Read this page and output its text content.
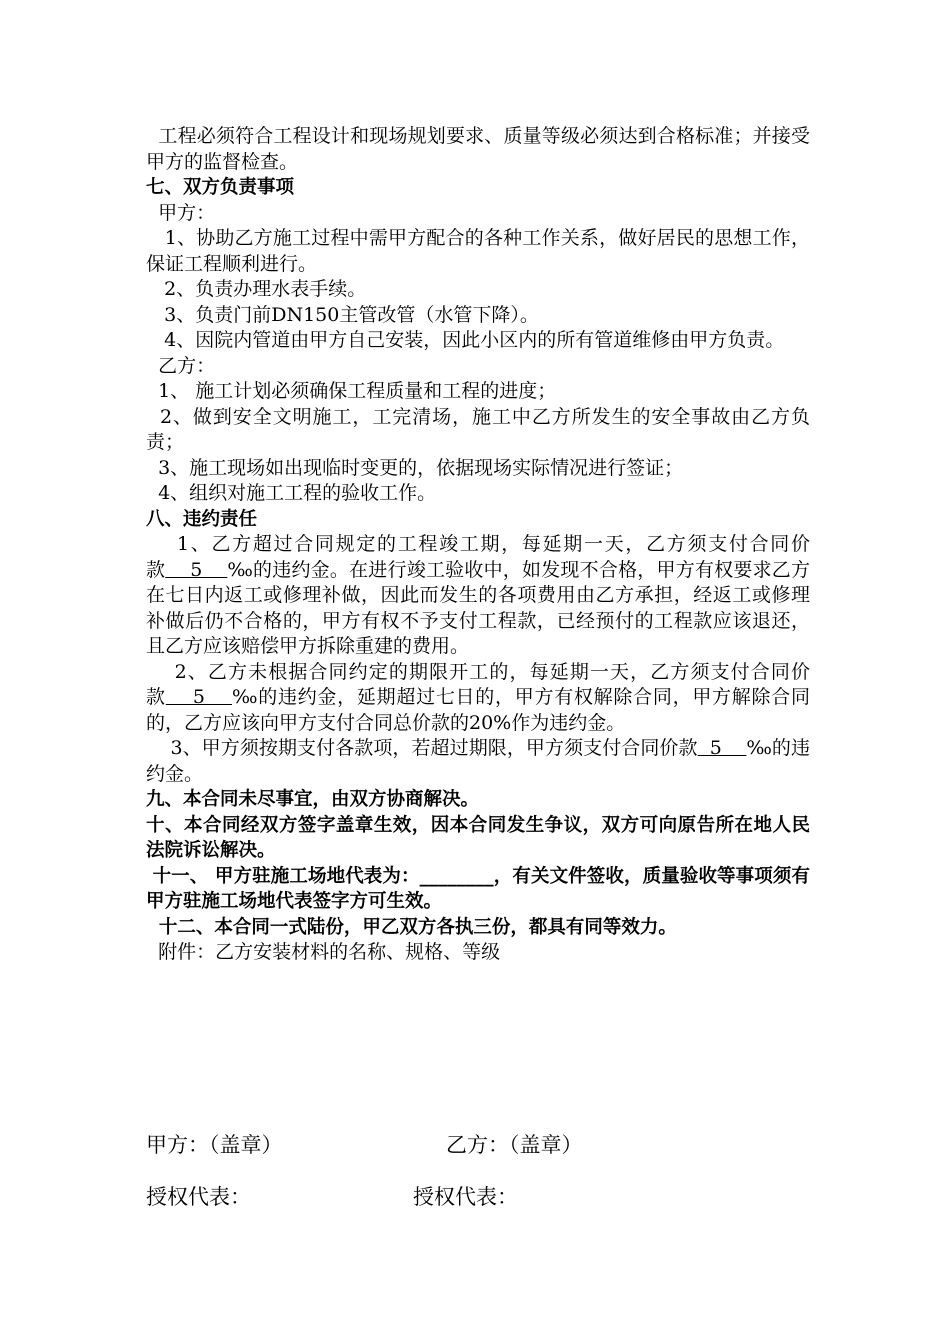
工程必须符合工程设计和现场规划要求、质量等级必须达到合格标准；并接受甲方的监督检查。

七、双方负责事项

甲方：

1、协助乙方施工过程中需甲方配合的各种工作关系，做好居民的思想工作，保证工程顺利进行。

2、负责办理水表手续。

3、负责门前DN150主管改管（水管下降）。

4、因院内管道由甲方自己安装，因此小区内的所有管道维修由甲方负责。

乙方：

1、 施工计划必须确保工程质量和工程的进度；

2、做到安全文明施工，工完清场，施工中乙方所发生的安全事故由乙方负责；

3、施工现场如出现临时变更的，依据现场实际情况进行签证；

4、组织对施工工程的验收工作。

八、违约责任

1、乙方超过合同规定的工程竣工期，每延期一天，乙方须支付合同价款    5    ‰的违约金。在进行竣工验收中，如发现不合格，甲方有权要求乙方在七日内返工或修理补做，因此而发生的各项费用由乙方承担，经返工或修理补做后仍不合格的，甲方有权不予支付工程款，已经预付的工程款应该退还，且乙方应该赔偿甲方拆除重建的费用。

2、乙方未根据合同约定的期限开工的，每延期一天，乙方须支付合同价款    5    ‰的违约金，延期超过七日的，甲方有权解除合同，甲方解除合同的，乙方应该向甲方支付合同总价款的20%作为违约金。

3、甲方须按期支付各款项，若超过期限，甲方须支付合同价款  5    ‰的违约金。

九、本合同未尽事宜，由双方协商解决。

十、本合同经双方签字盖章生效，因本合同发生争议，双方可向原告所在地人民法院诉讼解决。

十一、 甲方驻施工场地代表为：________，有关文件签收，质量验收等事项须有甲方驻施工场地代表签字方可生效。

十二、本合同一式陆份，甲乙双方各执三份，都具有同等效力。

附件：乙方安装材料的名称、规格、等级

甲方：（盖章）	乙方：（盖章）
授权代表：	授权代表：
